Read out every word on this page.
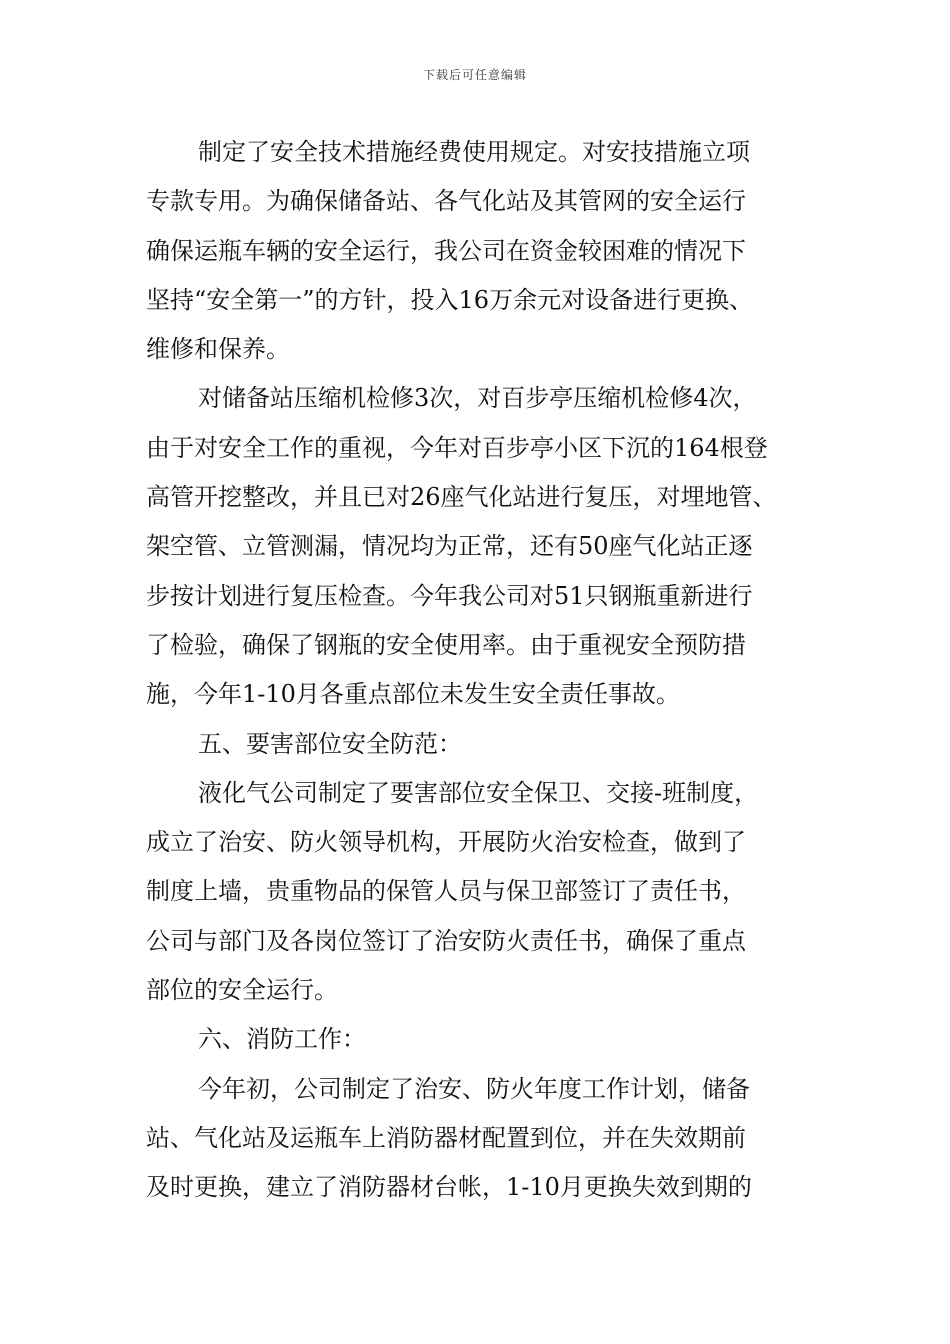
下载后可任意编辑
制定了安全技术措施经费使用规定。对安技措施立项
专款专用。为确保储备站、各气化站及其管网的安全运行
确保运瓶车辆的安全运行，我公司在资金较困难的情况下
坚持“安全第一”的方针，投入16万余元对设备进行更换、
维修和保养。
对储备站压缩机检修3次，对百步亭压缩机检修4次，
由于对安全工作的重视，今年对百步亭小区下沉的164根登
高管开挖整改，并且已对26座气化站进行复压，对埋地管、
架空管、立管测漏，情况均为正常，还有50座气化站正逐
步按计划进行复压检查。今年我公司对51只钢瓶重新进行
了检验，确保了钢瓶的安全使用率。由于重视安全预防措
施，今年1-10月各重点部位未发生安全责任事故。
五、要害部位安全防范：
液化气公司制定了要害部位安全保卫、交接-班制度，
成立了治安、防火领导机构，开展防火治安检查，做到了
制度上墙，贵重物品的保管人员与保卫部签订了责任书，
公司与部门及各岗位签订了治安防火责任书，确保了重点
部位的安全运行。
六、消防工作：
今年初，公司制定了治安、防火年度工作计划，储备
站、气化站及运瓶车上消防器材配置到位，并在失效期前
及时更换，建立了消防器材台帐，1-10月更换失效到期的
